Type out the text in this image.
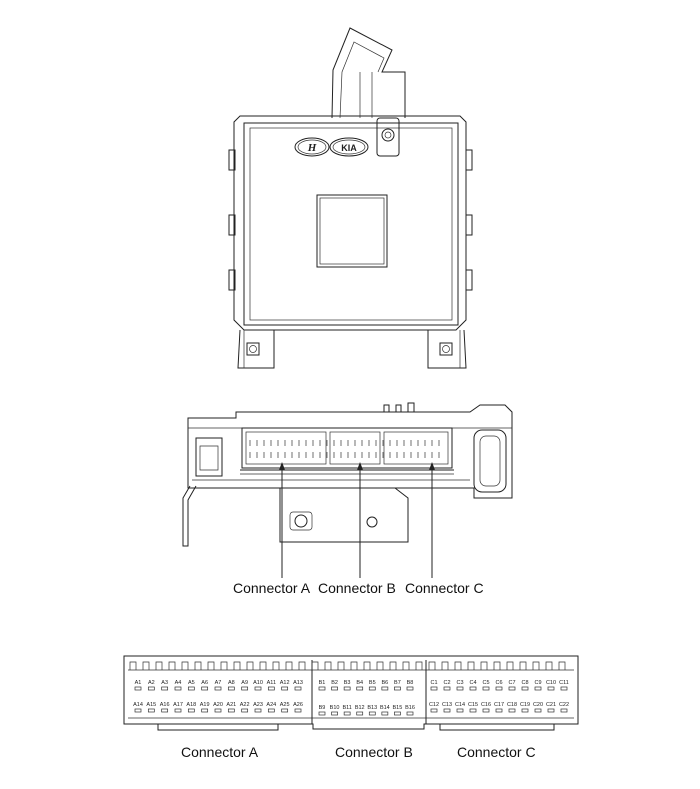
H	KIA
A1 A2 A3 A4 A5 A6 A7 A8 A9 A10 A11 A12 A13
A14 A15 A16 A17 A18 A19 A20 A21 A22 A23 A24 A25 A26
B1 B2 B3 B4 B5 B6 B7 B8
B9 B10 B11 B12 B13 B14 B15 B16
C1 C2 C3 C4 C5 C6 C7 C8 C9 C10 C11
C12 C13 C14 C15 C16 C17 C18 C19 C20 C21 C22
Connector A Connector B Connector C
Connector A	Connector B	Connector C
